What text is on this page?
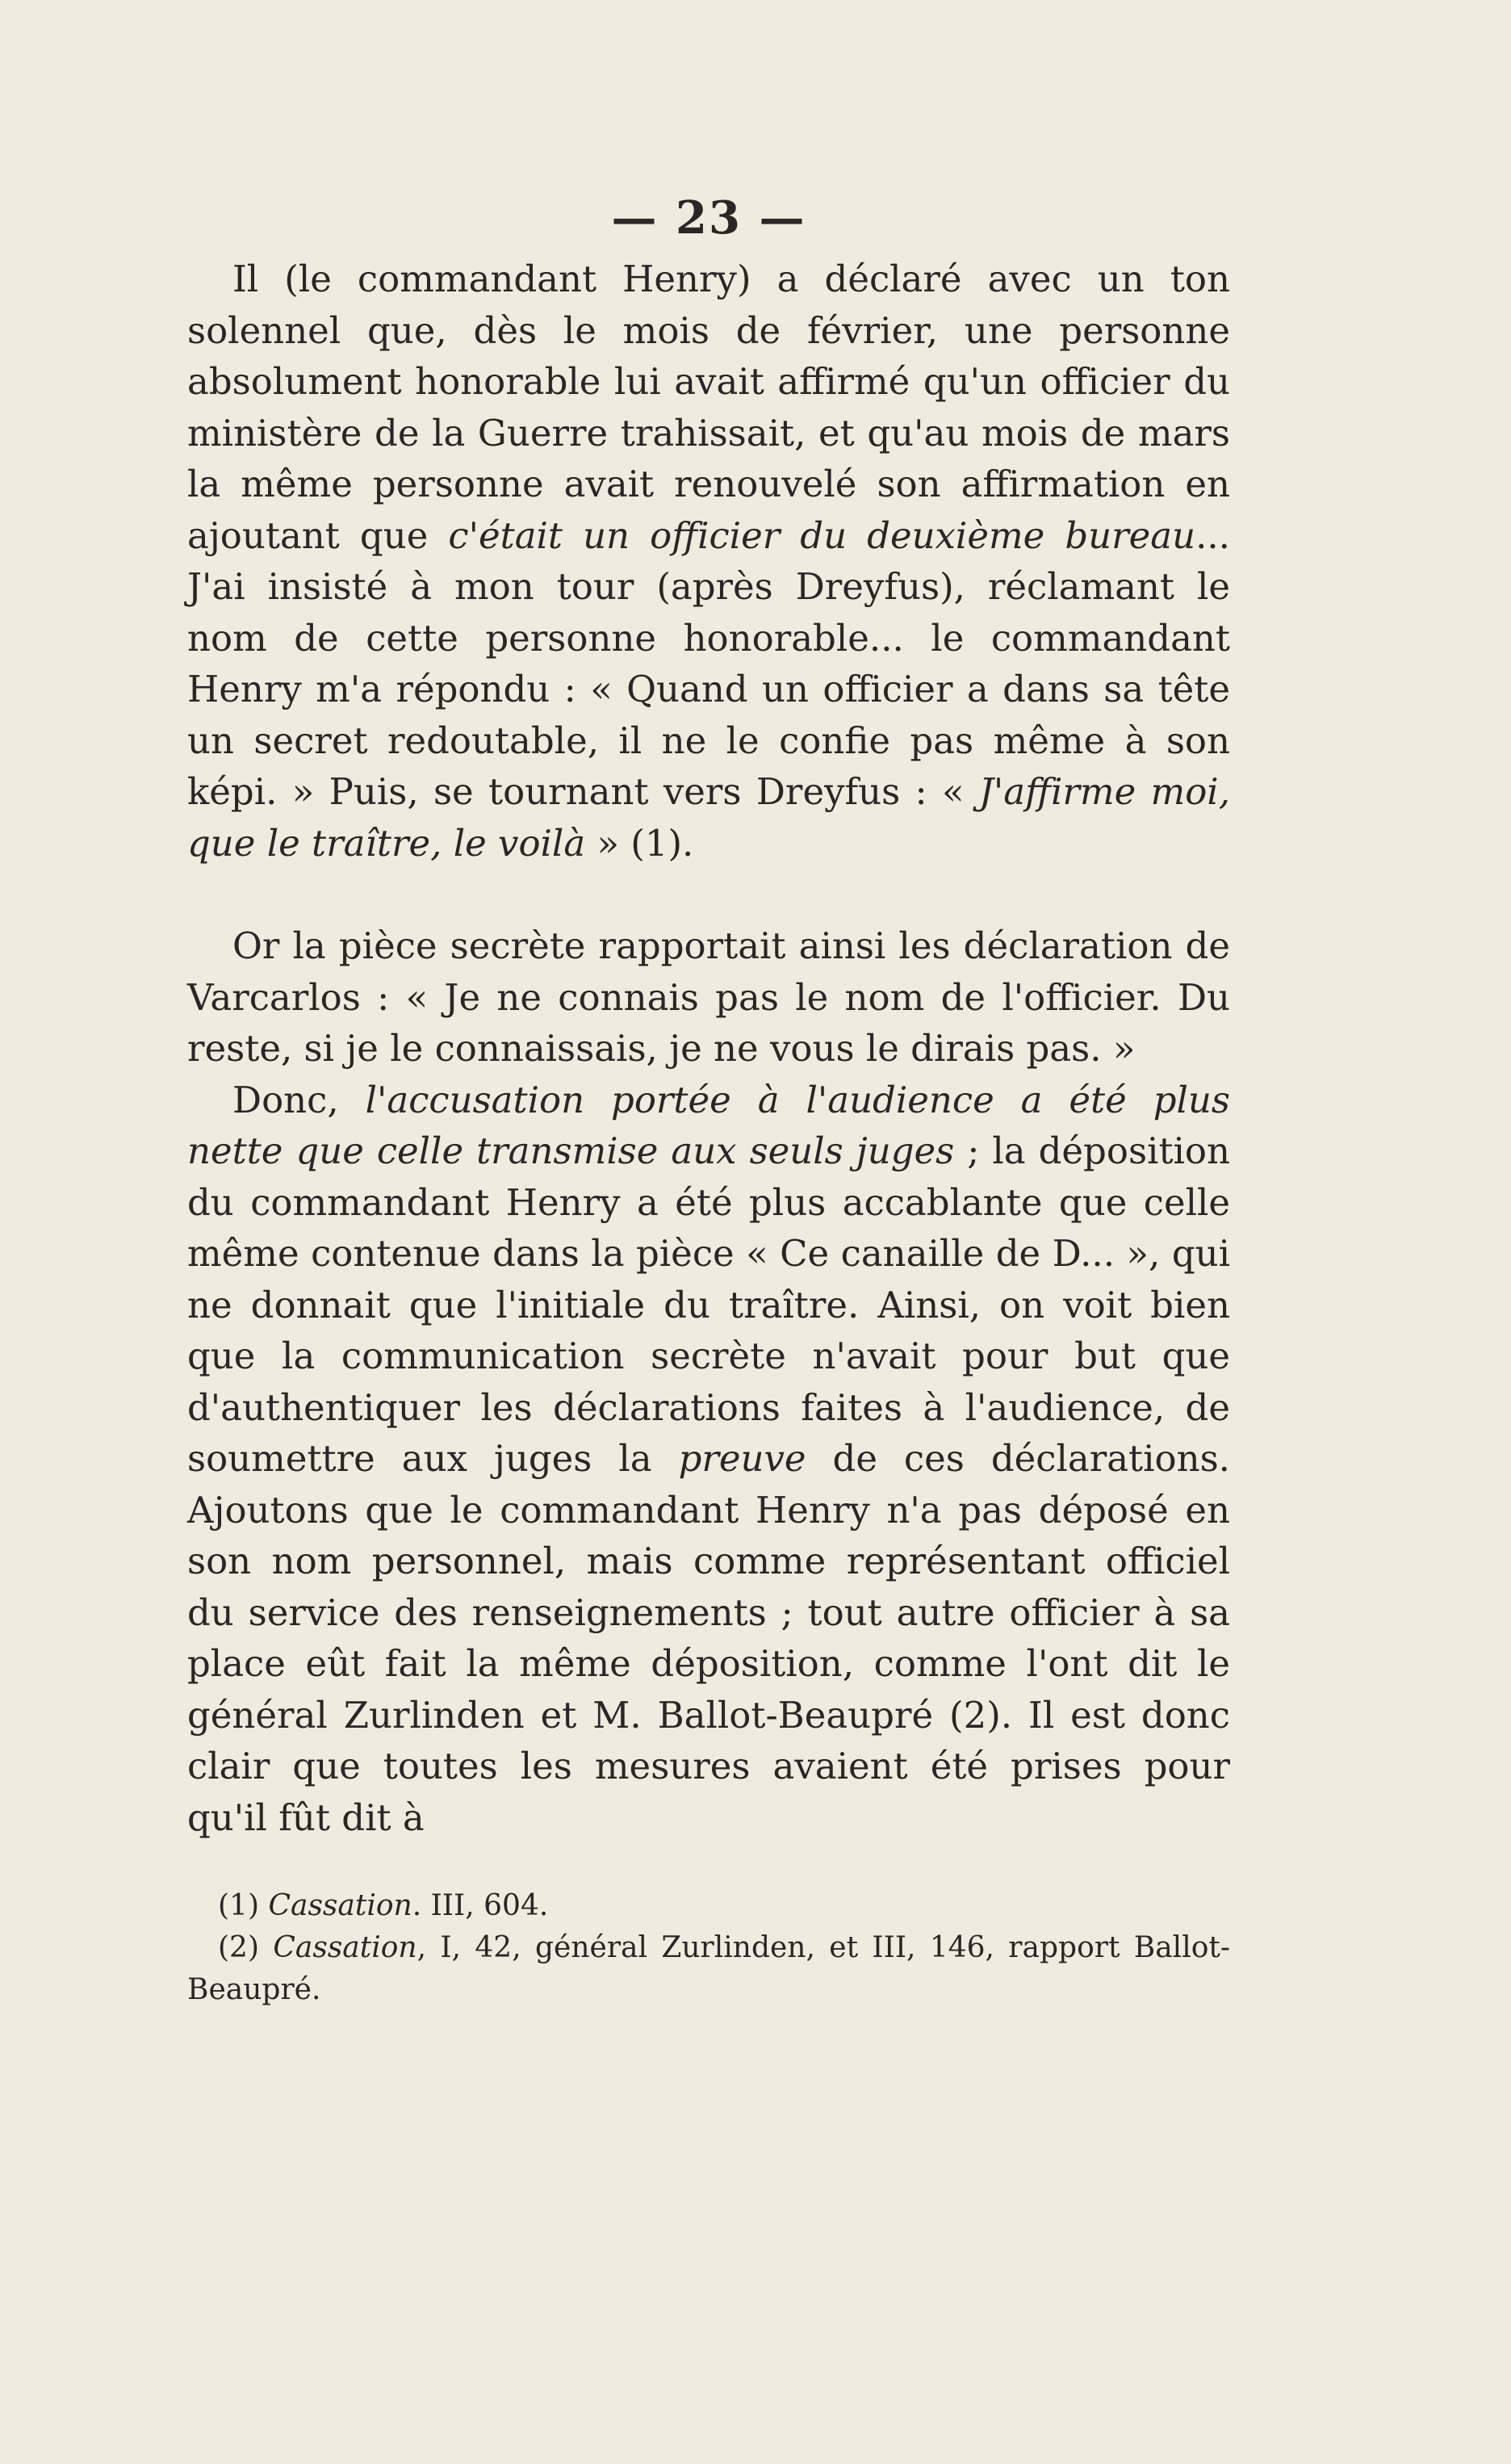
— 23 —

Il (le commandant Henry) a déclaré avec un ton solennel que, dès le mois de février, une personne absolument honorable lui avait affirmé qu'un officier du ministère de la Guerre trahissait, et qu'au mois de mars la même personne avait renouvelé son affirmation en ajoutant que c'était un officier du deuxième bureau... J'ai insisté à mon tour (après Dreyfus), réclamant le nom de cette personne honorable... le commandant Henry m'a répondu : « Quand un officier a dans sa tête un secret redoutable, il ne le confie pas même à son képi. » Puis, se tournant vers Dreyfus : « J'affirme moi, que le traître, le voilà » (1).

Or la pièce secrète rapportait ainsi les déclaration de Varcarlos : « Je ne connais pas le nom de l'officier. Du reste, si je le connaissais, je ne vous le dirais pas. »

Donc, l'accusation portée à l'audience a été plus nette que celle transmise aux seuls juges ; la déposition du commandant Henry a été plus accablante que celle même contenue dans la pièce « Ce canaille de D... », qui ne donnait que l'initiale du traître. Ainsi, on voit bien que la communication secrète n'avait pour but que d'authentiquer les déclarations faites à l'audience, de soumettre aux juges la preuve de ces déclarations. Ajoutons que le commandant Henry n'a pas déposé en son nom personnel, mais comme représentant officiel du service des renseignements ; tout autre officier à sa place eût fait la même déposition, comme l'ont dit le général Zurlinden et M. Ballot-Beaupré (2). Il est donc clair que toutes les mesures avaient été prises pour qu'il fût dit à

(1) Cassation. III, 604.

(2) Cassation, I, 42, général Zurlinden, et III, 146, rapport Ballot-Beaupré.
